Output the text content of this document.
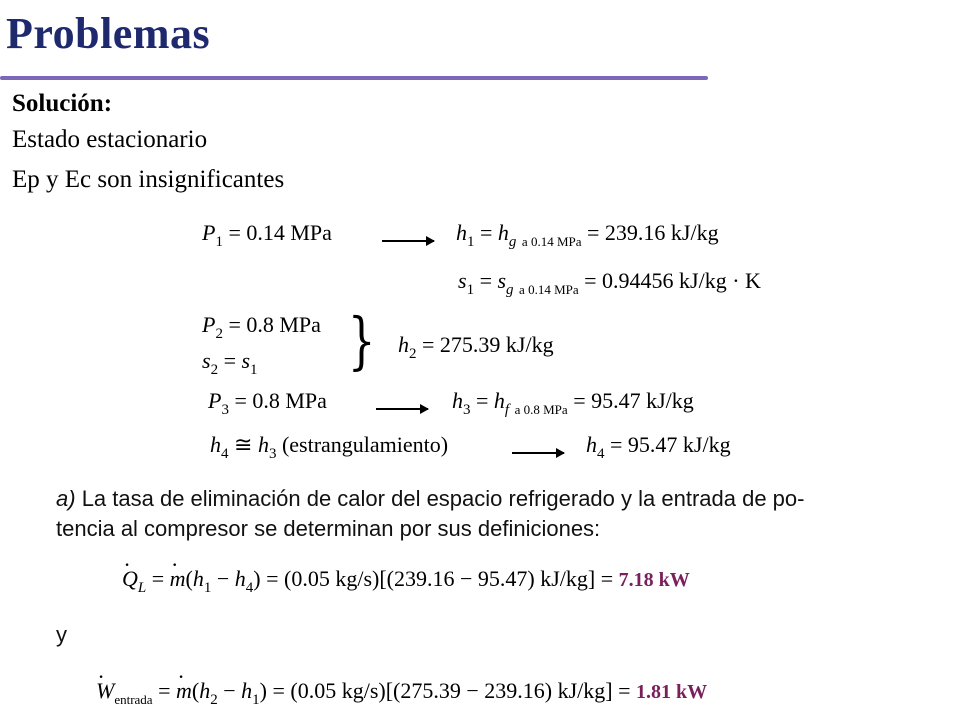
Problemas
Solución:
Estado estacionario
Ep y Ec son insignificantes
$P_1 = 0.14$ MPa	$h_1 = h_g$ $_{a 0.14 MPa}$ = 239.16 kJ/kg
$s_1 = s_g$ $_{a 0.14 MPa}$ = 0.94456 kJ/kg · K
$P_2 = 0.8$ MPa
$s_2 = s_1$ } $h_2 = 275.39$ kJ/kg
$P_3 = 0.8$ MPa	$h_3 = h_f$ $_{a 0.8 MPa}$ = 95.47 kJ/kg
$h_4$ ≅ $h_3$ (estrangulamiento)	$h_4 = 95.47$ kJ/kg
a) La tasa de eliminación de calor del espacio refrigerado y la entrada de po-
tencia al compresor se determinan por sus definiciones:
· $Q_L$ = · $m(h_1 - h_4) = (0.05$ kg/s)[(239.16 − 95.47) kJ/kg] = 7.18 kW
y
· $W_{entrada}$ = · $m(h_2 - h_1) = (0.05$ kg/s)[(275.39 − 239.16) kJ/kg] = 1.81 kW
